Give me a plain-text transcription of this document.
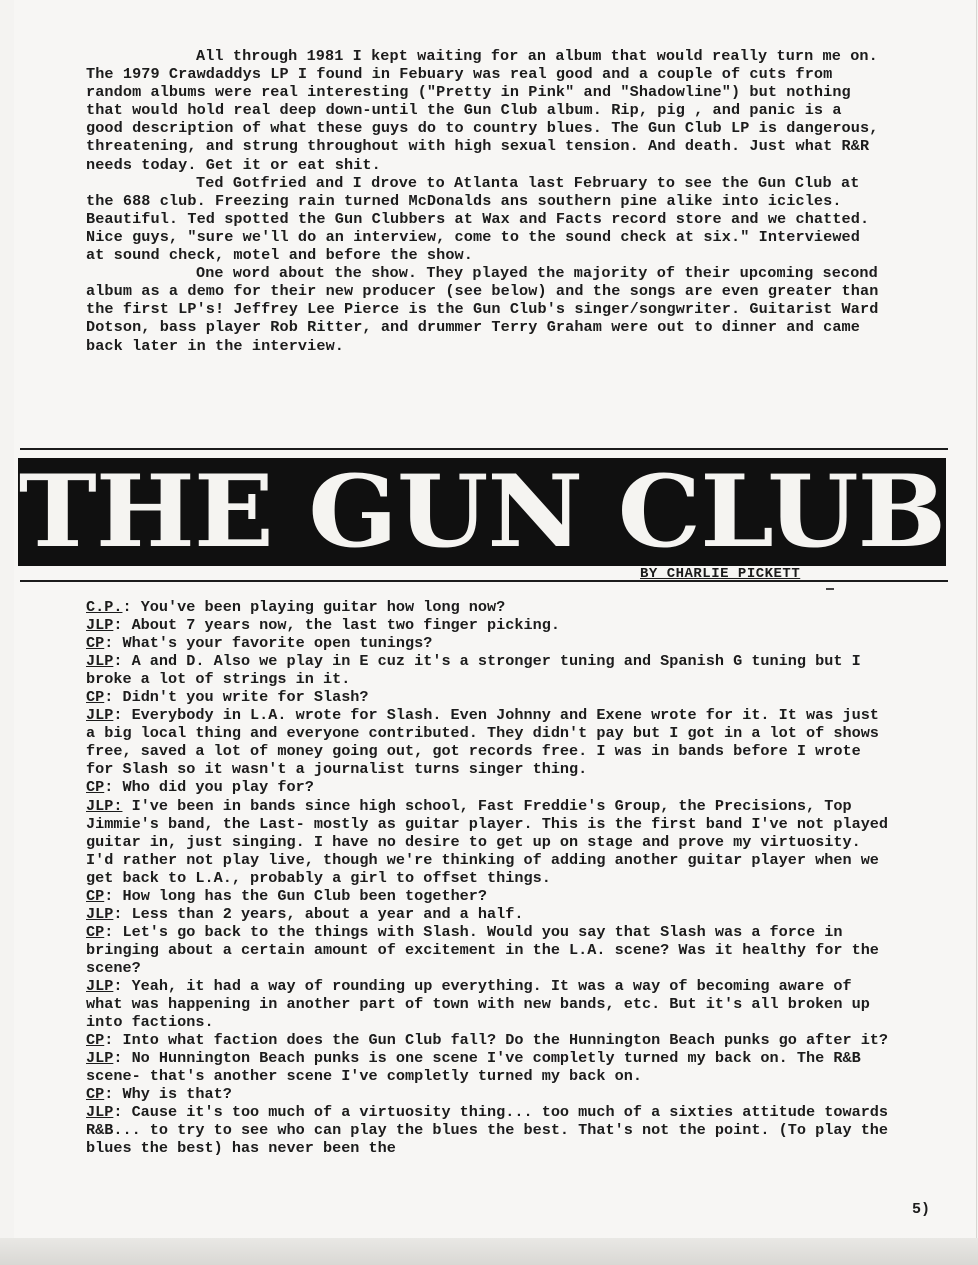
All through 1981 I kept waiting for an album that would really turn me on. The 1979 Crawdaddys LP I found in Febuary was real good and a couple of cuts from random albums were real interesting ("Pretty in Pink" and "Shadowline") but nothing that would hold real deep down-until the Gun Club album. Rip, pig , and panic is a good description of what these guys do to country blues. The Gun Club LP is dangerous, threatening, and strung throughout with high sexual tension. And death. Just what R&R needs today. Get it or eat shit.

Ted Gotfried and I drove to Atlanta last February to see the Gun Club at the 688 club. Freezing rain turned McDonalds ans southern pine alike into icicles. Beautiful. Ted spotted the Gun Clubbers at Wax and Facts record store and we chatted. Nice guys, "sure we'll do an interview, come to the sound check at six." Interviewed at sound check, motel and before the show.

One word about the show. They played the majority of their upcoming second album as a demo for their new producer (see below) and the songs are even greater than the first LP's! Jeffrey Lee Pierce is the Gun Club's singer/songwriter. Guitarist Ward Dotson, bass player Rob Ritter, and drummer Terry Graham were out to dinner and came back later in the interview.

THE GUN CLUB
BY CHARLIE PICKETT

C.P.: You've been playing guitar how long now?

JLP: About 7 years now, the last two finger picking.

CP: What's your favorite open tunings?

JLP: A and D. Also we play in E cuz it's a stronger tuning and Spanish G tuning but I broke a lot of strings in it.

CP: Didn't you write for Slash?

JLP: Everybody in L.A. wrote for Slash. Even Johnny and Exene wrote for it. It was just a big local thing and everyone contributed. They didn't pay but I got in a lot of shows free, saved a lot of money going out, got records free. I was in bands before I wrote for Slash so it wasn't a journalist turns singer thing.

CP: Who did you play for?

JLP: I've been in bands since high school, Fast Freddie's Group, the Precisions, Top Jimmie's band, the Last- mostly as guitar player. This is the first band I've not played guitar in, just singing. I have no desire to get up on stage and prove my virtuosity. I'd rather not play live, though we're thinking of adding another guitar player when we get back to L.A., probably a girl to offset things.

CP: How long has the Gun Club been together?

JLP: Less than 2 years, about a year and a half.

CP: Let's go back to the things with Slash. Would you say that Slash was a force in bringing about a certain amount of excitement in the L.A. scene? Was it healthy for the scene?

JLP: Yeah, it had a way of rounding up everything. It was a way of becoming aware of what was happening in another part of town with new bands, etc. But it's all broken up into factions.

CP: Into what faction does the Gun Club fall? Do the Hunnington Beach punks go after it?

JLP: No Hunnington Beach punks is one scene I've completly turned my back on. The R&B scene- that's another scene I've completly turned my back on.

CP: Why is that?

JLP: Cause it's too much of a virtuosity thing... too much of a sixties attitude towards R&B... to try to see who can play the blues the best. That's not the point. (To play the blues the best) has never been the

5)
